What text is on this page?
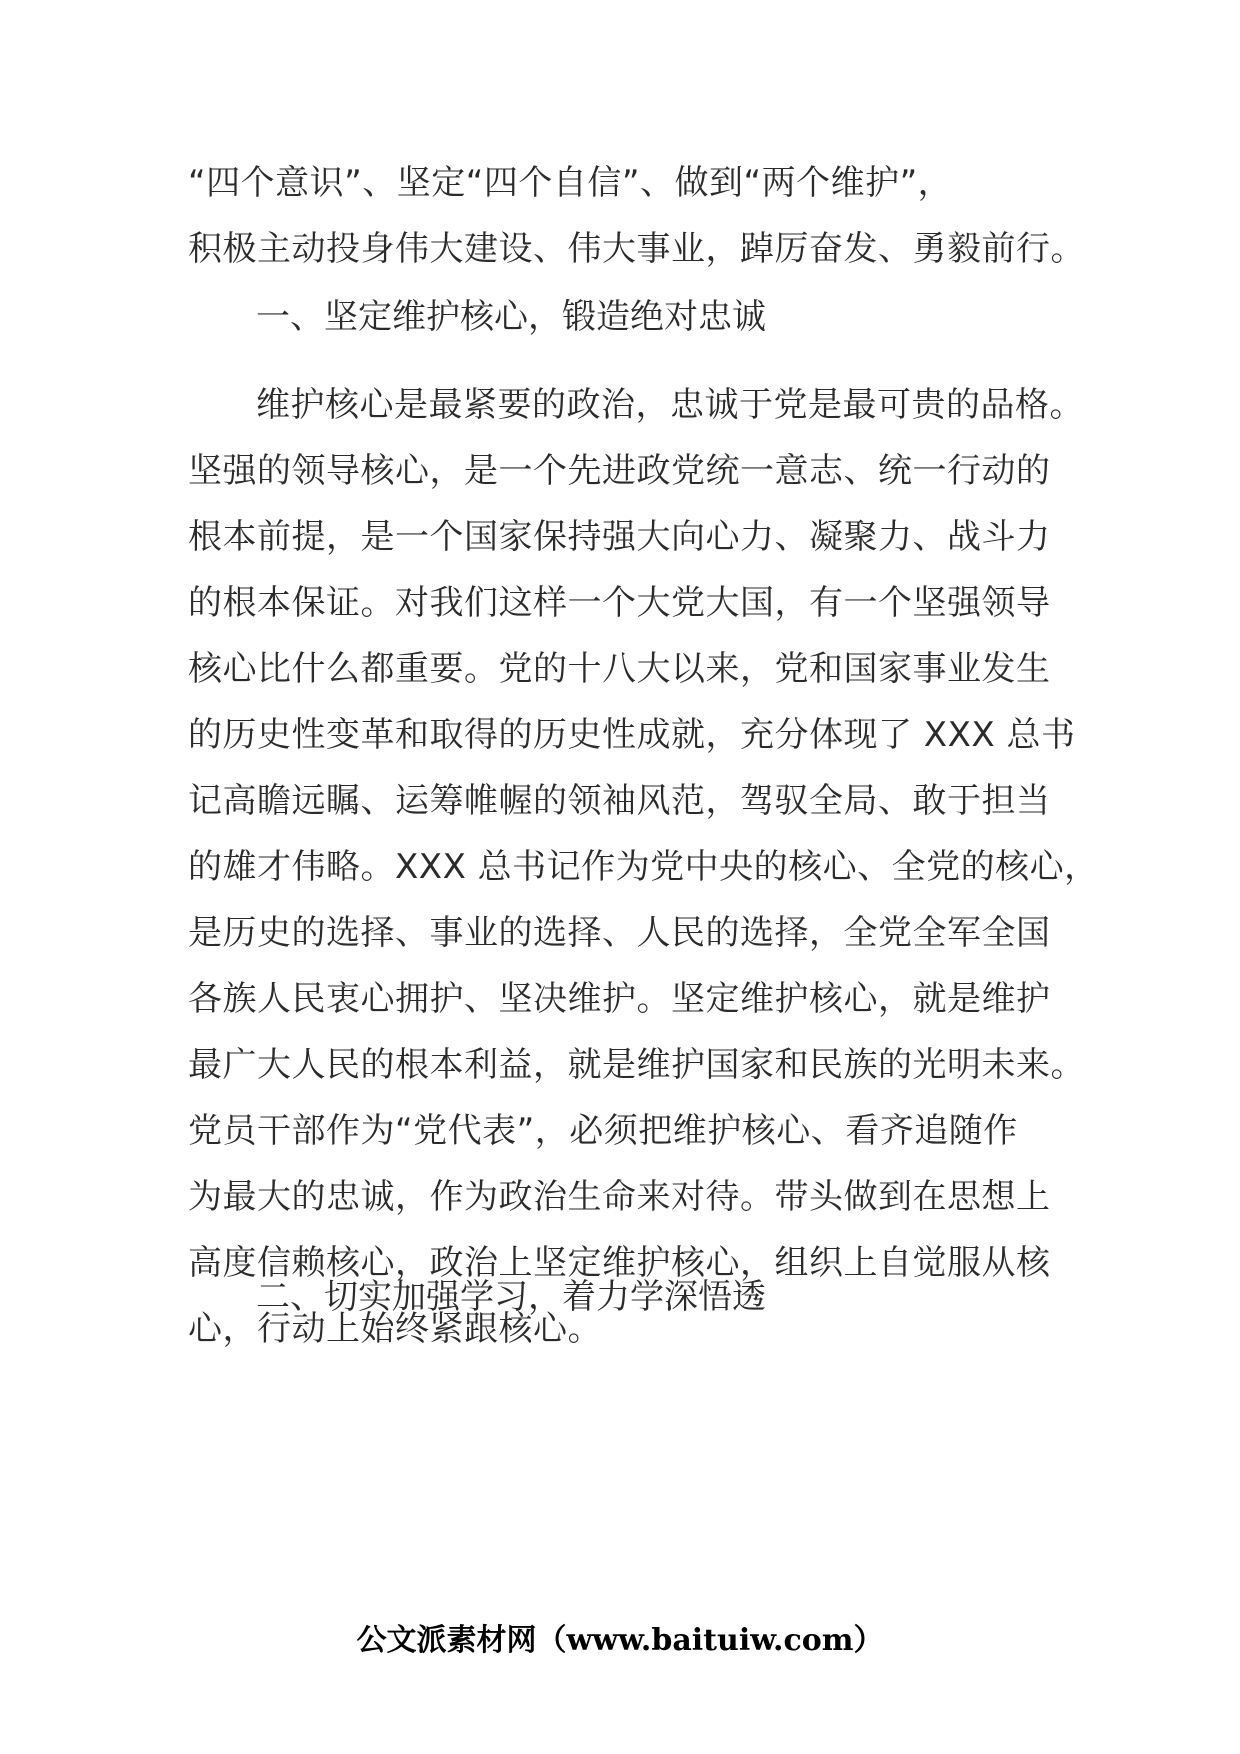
“四个意识”、坚定“四个自信”、做到“两个维护”，
积极主动投身伟大建设、伟大事业，踔厉奋发、勇毅前行。
一、坚定维护核心，锻造绝对忠诚
维护核心是最紧要的政治，忠诚于党是最可贵的品格。
坚强的领导核心，是一个先进政党统一意志、统一行动的
根本前提，是一个国家保持强大向心力、凝聚力、战斗力
的根本保证。对我们这样一个大党大国，有一个坚强领导
核心比什么都重要。党的十八大以来，党和国家事业发生
的历史性变革和取得的历史性成就，充分体现了 XXX 总书
记高瞻远瞩、运筹帷幄的领袖风范，驾驭全局、敢于担当
的雄才伟略。XXX 总书记作为党中央的核心、全党的核心，
是历史的选择、事业的选择、人民的选择，全党全军全国
各族人民衷心拥护、坚决维护。坚定维护核心，就是维护
最广大人民的根本利益，就是维护国家和民族的光明未来。
党员干部作为“党代表”，必须把维护核心、看齐追随作
为最大的忠诚，作为政治生命来对待。带头做到在思想上
高度信赖核心，政治上坚定维护核心，组织上自觉服从核
心，行动上始终紧跟核心。
二、切实加强学习，着力学深悟透
公文派素材网（www.baituiw.com）
